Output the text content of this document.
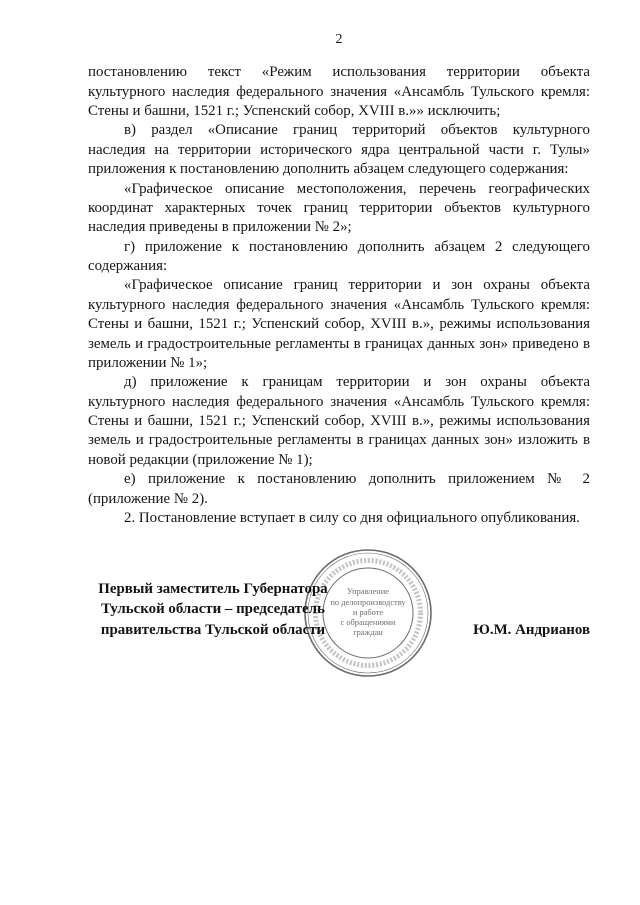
2
постановлению текст «Режим использования территории объекта
культурного наследия федерального значения «Ансамбль Тульского кремля:
Стены и башни, 1521 г.; Успенский собор, XVIII в.»» исключить;
в) раздел «Описание границ территорий объектов культурного
наследия на территории исторического ядра центральной части г. Тулы»
приложения к постановлению дополнить абзацем следующего содержания:
«Графическое описание местоположения, перечень географических
координат характерных точек границ территории объектов культурного
наследия приведены в приложении № 2»;
г) приложение к постановлению дополнить абзацем 2 следующего
содержания:
«Графическое описание границ территории и зон охраны объекта
культурного наследия федерального значения «Ансамбль Тульского кремля:
Стены и башни, 1521 г.; Успенский собор, XVIII в.», режимы использования
земель и градостроительные регламенты в границах данных зон» приведено в
приложении № 1»;
д) приложение к границам территории и зон охраны объекта
культурного наследия федерального значения «Ансамбль Тульского кремля:
Стены и башни, 1521 г.; Успенский собор, XVIII в.», режимы использования
земель и градостроительные регламенты в границах данных зон» изложить в
новой редакции (приложение № 1);
е) приложение к постановлению дополнить приложением № 2
(приложение № 2).
2. Постановление вступает в силу со дня официального опубликования.
Первый заместитель Губернатора
Тульской области – председатель
правительства Тульской области	Ю.М. Андрианов
Управление
по делопроизводству
и работе
с обращениями
граждан
